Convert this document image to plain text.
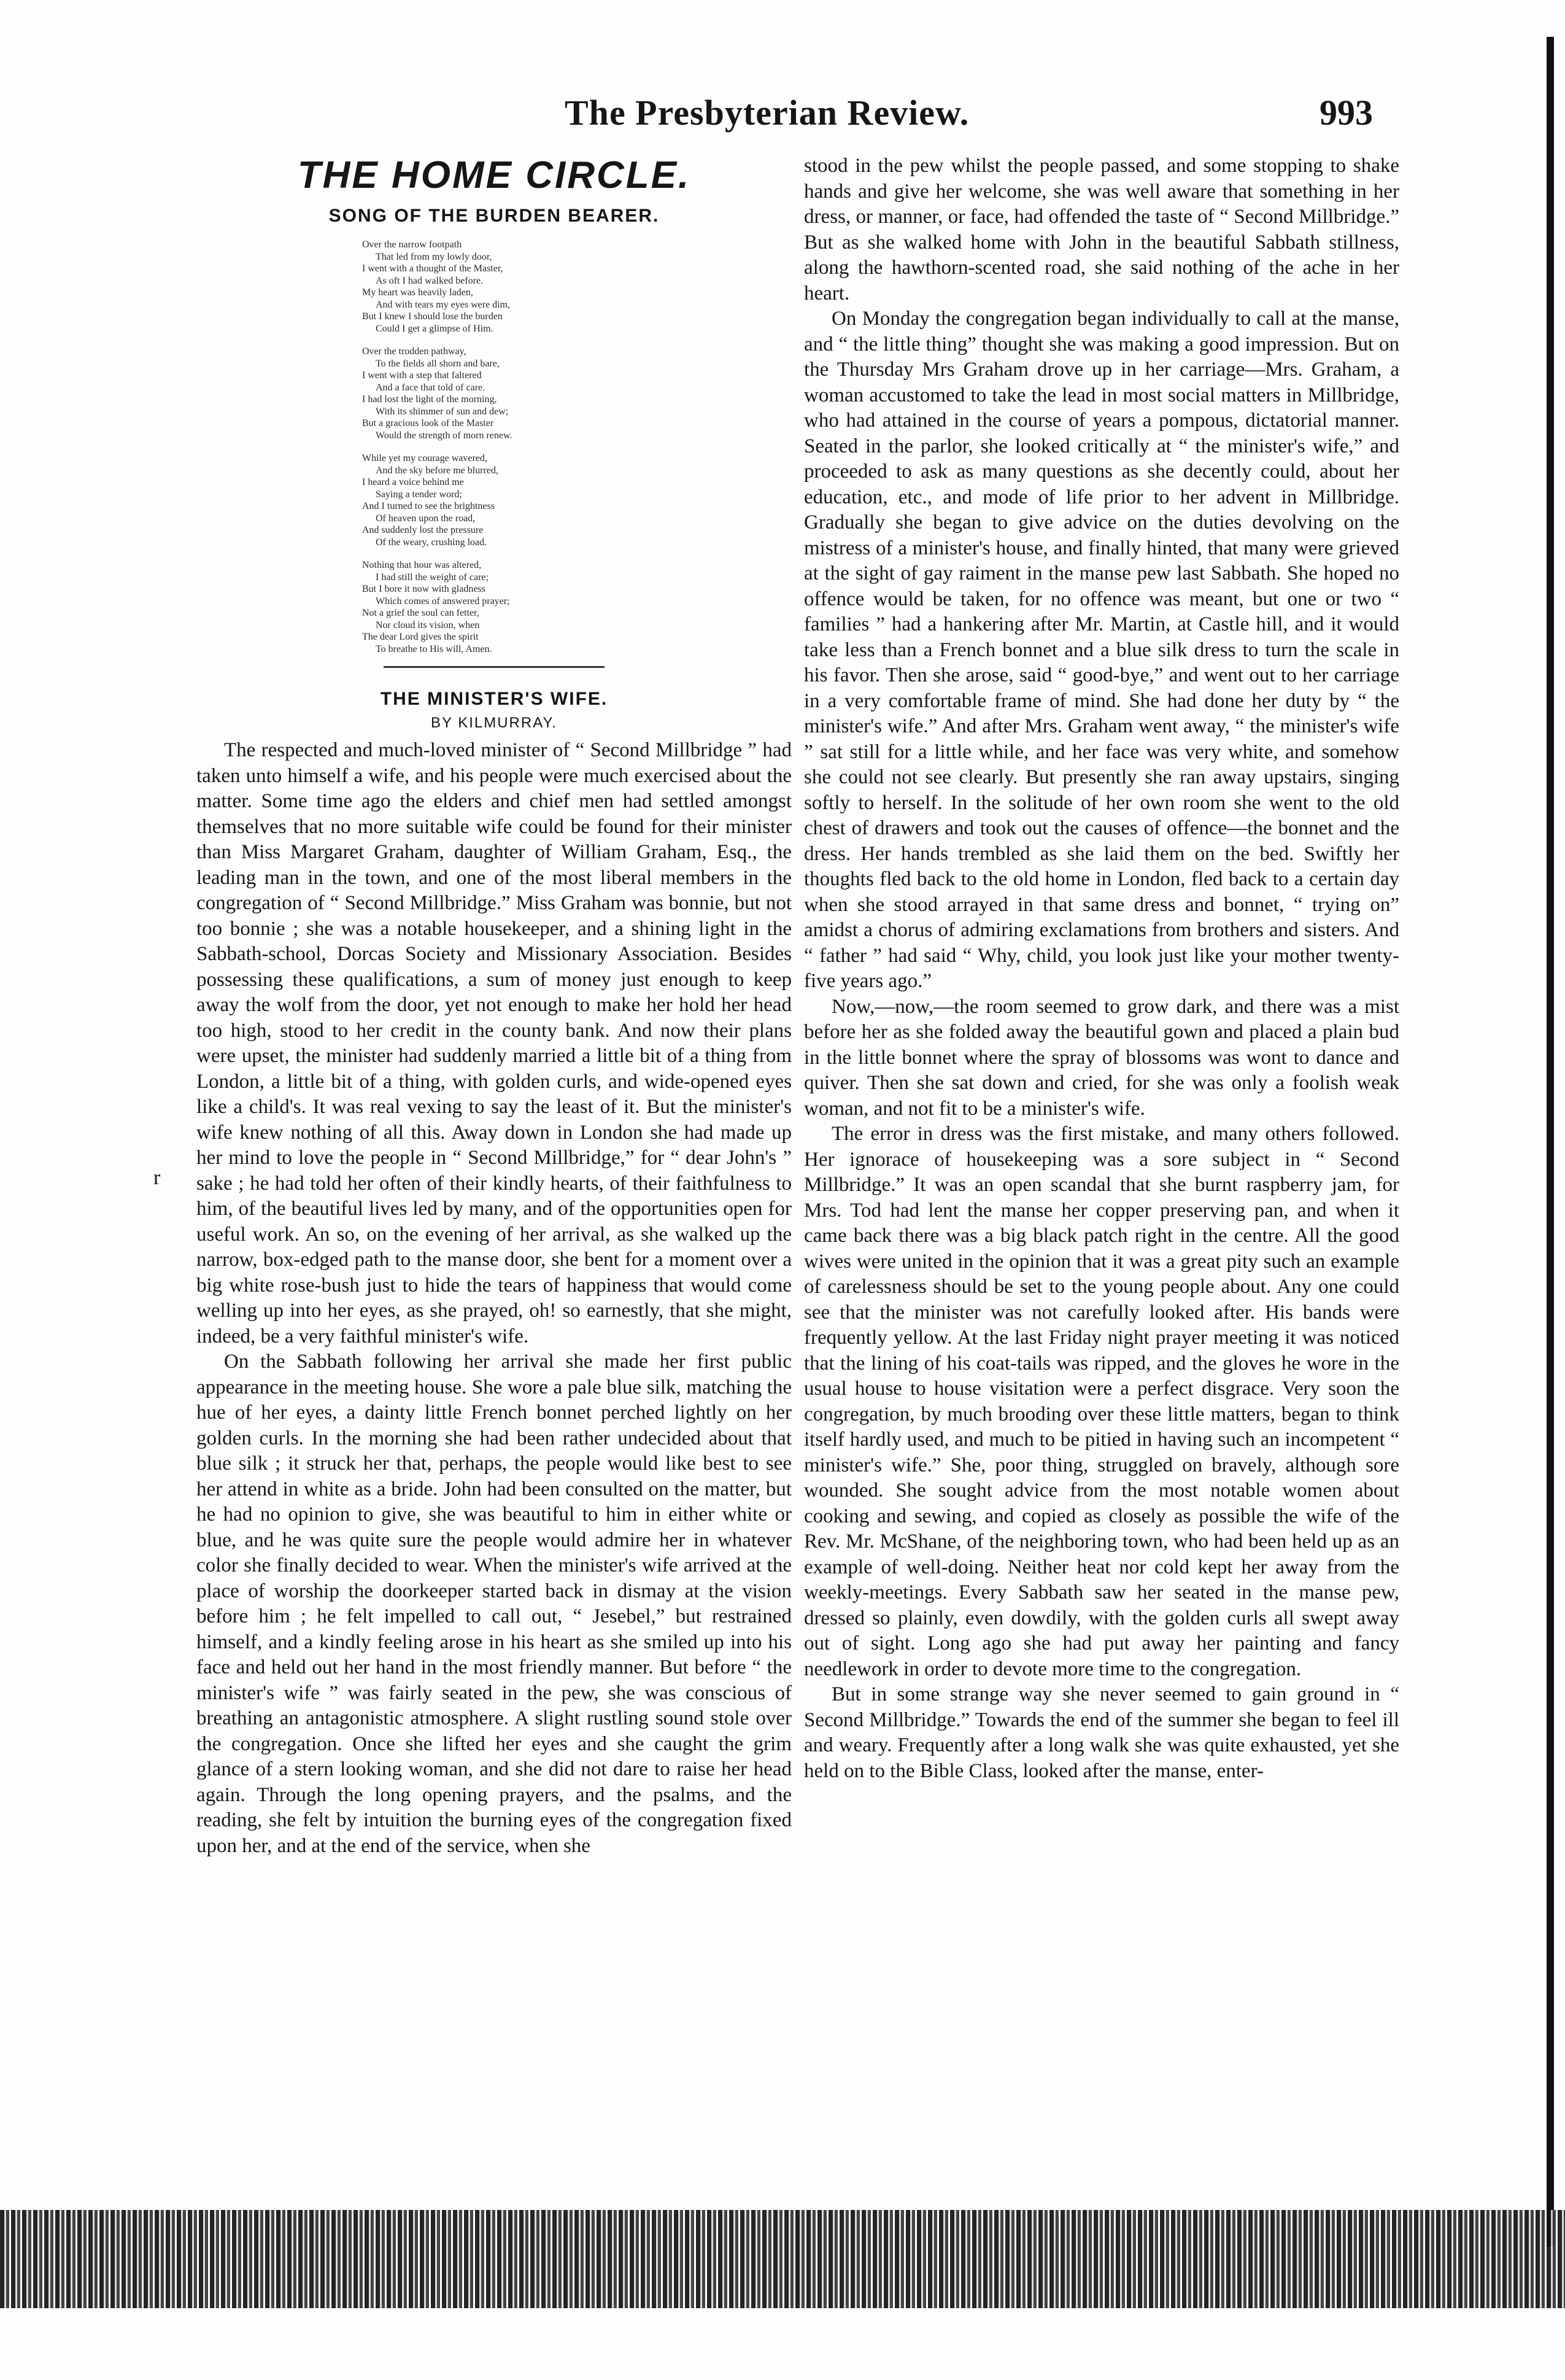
The Presbyterian Review.	993
r
THE HOME CIRCLE.
SONG OF THE BURDEN BEARER.
Over the narrow footpath
That led from my lowly door,
I went with a thought of the Master,
As oft I had walked before.
My heart was heavily laden,
And with tears my eyes were dim,
But I knew I should lose the burden
Could I get a glimpse of Him.
Over the trodden pathway,
To the fields all shorn and bare,
I went with a step that faltered
And a face that told of care.
I had lost the light of the morning,
With its shimmer of sun and dew;
But a gracious look of the Master
Would the strength of morn renew.
While yet my courage wavered,
And the sky before me blurred,
I heard a voice behind me
Saying a tender word;
And I turned to see the brightness
Of heaven upon the road,
And suddenly lost the pressure
Of the weary, crushing load.
Nothing that hour was altered,
I had still the weight of care;
But I bore it now with gladness
Which comes of answered prayer;
Not a grief the soul can fetter,
Nor cloud its vision, when
The dear Lord gives the spirit
To breathe to His will, Amen.
THE MINISTER'S WIFE.
BY KILMURRAY.

The respected and much-loved minister of “ Second Millbridge ” had taken unto himself a wife, and his people were much exercised about the matter. Some time ago the elders and chief men had settled amongst themselves that no more suitable wife could be found for their minister than Miss Margaret Graham, daughter of William Graham, Esq., the leading man in the town, and one of the most liberal members in the congregation of “ Second Millbridge.” Miss Graham was bonnie, but not too bonnie ; she was a notable housekeeper, and a shining light in the Sabbath-school, Dorcas Society and Missionary Association. Besides possessing these qualifications, a sum of money just enough to keep away the wolf from the door, yet not enough to make her hold her head too high, stood to her credit in the county bank. And now their plans were upset, the minister had suddenly married a little bit of a thing from London, a little bit of a thing, with golden curls, and wide-opened eyes like a child's. It was real vexing to say the least of it. But the minister's wife knew nothing of all this. Away down in London she had made up her mind to love the people in “ Second Millbridge,” for “ dear John's ” sake ; he had told her often of their kindly hearts, of their faithfulness to him, of the beautiful lives led by many, and of the opportunities open for useful work. An so, on the evening of her arrival, as she walked up the narrow, box-edged path to the manse door, she bent for a moment over a big white rose-bush just to hide the tears of happiness that would come welling up into her eyes, as she prayed, oh! so earnestly, that she might, indeed, be a very faithful minister's wife.

On the Sabbath following her arrival she made her first public appearance in the meeting house. She wore a pale blue silk, matching the hue of her eyes, a dainty little French bonnet perched lightly on her golden curls. In the morning she had been rather undecided about that blue silk ; it struck her that, perhaps, the people would like best to see her attend in white as a bride. John had been consulted on the matter, but he had no opinion to give, she was beautiful to him in either white or blue, and he was quite sure the people would admire her in whatever color she finally decided to wear. When the minister's wife arrived at the place of worship the doorkeeper started back in dismay at the vision before him ; he felt impelled to call out, “ Jesebel,” but restrained himself, and a kindly feeling arose in his heart as she smiled up into his face and held out her hand in the most friendly manner. But before “ the minister's wife ” was fairly seated in the pew, she was conscious of breathing an antagonistic atmosphere. A slight rustling sound stole over the congregation. Once she lifted her eyes and she caught the grim glance of a stern looking woman, and she did not dare to raise her head again. Through the long opening prayers, and the psalms, and the reading, she felt by intuition the burning eyes of the congregation fixed upon her, and at the end of the service, when she

stood in the pew whilst the people passed, and some stopping to shake hands and give her welcome, she was well aware that something in her dress, or manner, or face, had offended the taste of “ Second Millbridge.” But as she walked home with John in the beautiful Sabbath stillness, along the hawthorn-scented road, she said nothing of the ache in her heart.

On Monday the congregation began individually to call at the manse, and “ the little thing” thought she was making a good impression. But on the Thursday Mrs Graham drove up in her carriage—Mrs. Graham, a woman accustomed to take the lead in most social matters in Millbridge, who had attained in the course of years a pompous, dictatorial manner. Seated in the parlor, she looked critically at “ the minister's wife,” and proceeded to ask as many questions as she decently could, about her education, etc., and mode of life prior to her advent in Millbridge. Gradually she began to give advice on the duties devolving on the mistress of a minister's house, and finally hinted, that many were grieved at the sight of gay raiment in the manse pew last Sabbath. She hoped no offence would be taken, for no offence was meant, but one or two “ families ” had a hankering after Mr. Martin, at Castle hill, and it would take less than a French bonnet and a blue silk dress to turn the scale in his favor. Then she arose, said “ good-bye,” and went out to her carriage in a very comfortable frame of mind. She had done her duty by “ the minister's wife.” And after Mrs. Graham went away, “ the minister's wife ” sat still for a little while, and her face was very white, and somehow she could not see clearly. But presently she ran away upstairs, singing softly to herself. In the solitude of her own room she went to the old chest of drawers and took out the causes of offence—the bonnet and the dress. Her hands trembled as she laid them on the bed. Swiftly her thoughts fled back to the old home in London, fled back to a certain day when she stood arrayed in that same dress and bonnet, “ trying on” amidst a chorus of admiring exclamations from brothers and sisters. And “ father ” had said “ Why, child, you look just like your mother twenty-five years ago.”

Now,—now,—the room seemed to grow dark, and there was a mist before her as she folded away the beautiful gown and placed a plain bud in the little bonnet where the spray of blossoms was wont to dance and quiver. Then she sat down and cried, for she was only a foolish weak woman, and not fit to be a minister's wife.

The error in dress was the first mistake, and many others followed. Her ignorace of housekeeping was a sore subject in “ Second Millbridge.” It was an open scandal that she burnt raspberry jam, for Mrs. Tod had lent the manse her copper preserving pan, and when it came back there was a big black patch right in the centre. All the good wives were united in the opinion that it was a great pity such an example of carelessness should be set to the young people about. Any one could see that the minister was not carefully looked after. His bands were frequently yellow. At the last Friday night prayer meeting it was noticed that the lining of his coat-tails was ripped, and the gloves he wore in the usual house to house visitation were a perfect disgrace. Very soon the congregation, by much brooding over these little matters, began to think itself hardly used, and much to be pitied in having such an incompetent “ minister's wife.” She, poor thing, struggled on bravely, although sore wounded. She sought advice from the most notable women about cooking and sewing, and copied as closely as possible the wife of the Rev. Mr. McShane, of the neighboring town, who had been held up as an example of well-doing. Neither heat nor cold kept her away from the weekly-meetings. Every Sabbath saw her seated in the manse pew, dressed so plainly, even dowdily, with the golden curls all swept away out of sight. Long ago she had put away her painting and fancy needlework in order to devote more time to the congregation.

But in some strange way she never seemed to gain ground in “ Second Millbridge.” Towards the end of the summer she began to feel ill and weary. Frequently after a long walk she was quite exhausted, yet she held on to the Bible Class, looked after the manse, enter-
